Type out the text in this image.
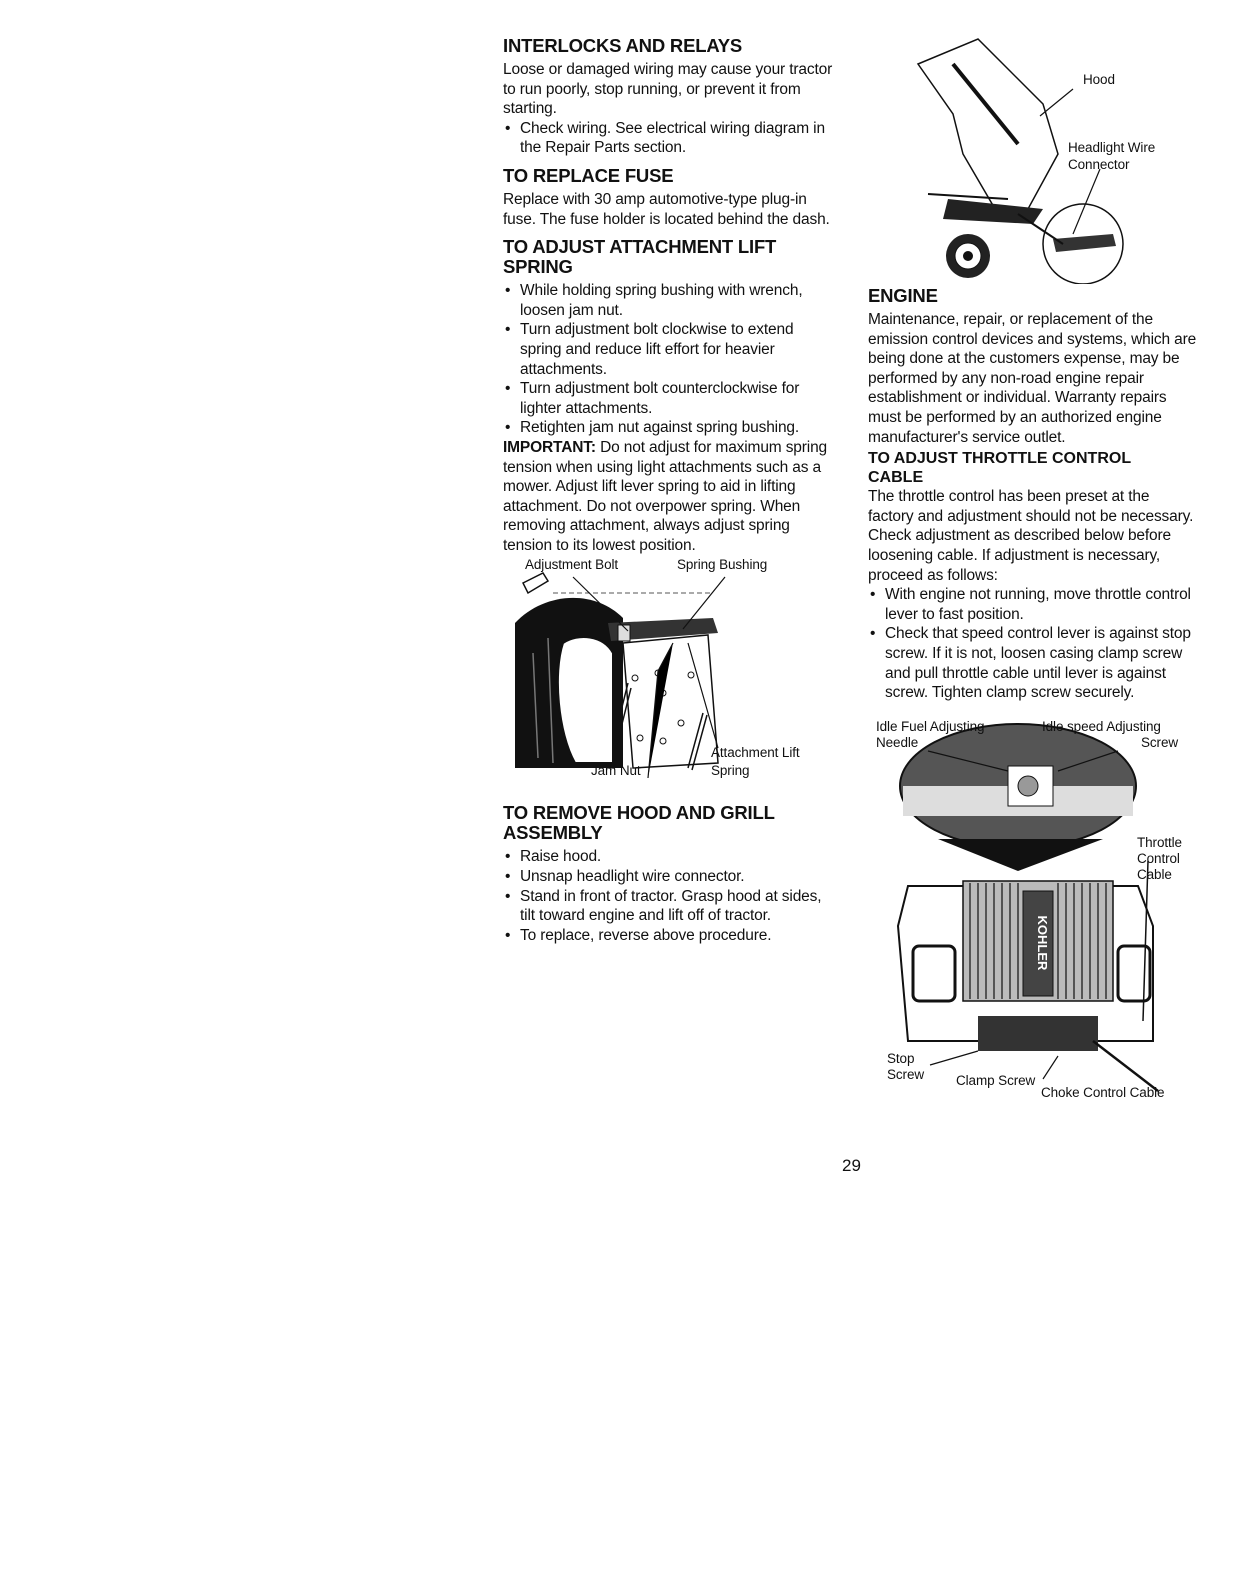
INTERLOCKS AND RELAYS

Loose or damaged wiring may cause your tractor to run poorly, stop running, or prevent it from starting.

• Check wiring. See electrical wiring diagram in the Repair Parts section.
TO REPLACE FUSE

Replace with 30 amp automotive-type plug-in fuse. The fuse holder is located behind the dash.

TO ADJUST ATTACHMENT LIFT SPRING
• While holding spring bushing with wrench, loosen jam nut.
• Turn adjustment bolt clockwise to extend spring and reduce lift effort for heavier attachments.
• Turn adjustment bolt counterclockwise for lighter attachments.
• Retighten jam nut against spring bushing.

IMPORTANT: Do not adjust for maximum spring tension when using light attachments such as a mower. Adjust lift lever spring to aid in lifting attachment. Do not overpower spring. When removing attachment, always adjust spring tension to its lowest position.

Adjustment Bolt	Spring Bushing
Attachment Lift
Spring
Jam Nut
TO REMOVE HOOD AND GRILL ASSEMBLY
• Raise hood.
• Unsnap headlight wire connector.
• Stand in front of tractor. Grasp hood at sides, tilt toward engine and lift off of tractor.
• To replace, reverse above procedure.
Hood
Headlight Wire
Connector
ENGINE

Maintenance, repair, or replacement of the emission control devices and systems, which are being done at the customers expense, may be performed by any non-road engine repair establishment or individual. Warranty repairs must be performed by an authorized engine manufacturer's service outlet.

TO ADJUST THROTTLE CONTROL CABLE

The throttle control has been preset at the factory and adjustment should not be necessary. Check adjustment as described below before loosening cable. If adjustment is necessary, proceed as follows:

• With engine not running, move throttle control lever to fast position.
• Check that speed control lever is against stop screw. If it is not, loosen casing clamp screw and pull throttle cable until lever is against screw. Tighten clamp screw securely.
KOHLER
Idle Fuel Adjusting
Needle
Idle speed Adjusting
Screw
Throttle
Control
Cable
Stop
Screw Clamp Screw
Choke Control Cable
29
